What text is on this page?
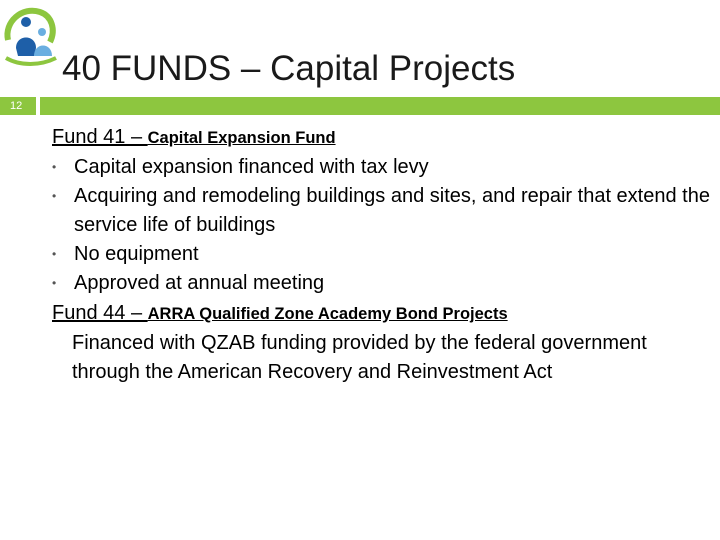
40 FUNDS – Capital Projects
12

Fund 41 – Capital Expansion Fund

• Capital expansion financed with tax levy
• Acquiring and remodeling buildings and sites, and repair that extend the service life of buildings
• No equipment
• Approved at annual meeting

Fund 44 – ARRA Qualified Zone Academy Bond Projects

Financed with QZAB funding provided by the federal government through the American Recovery and Reinvestment Act
